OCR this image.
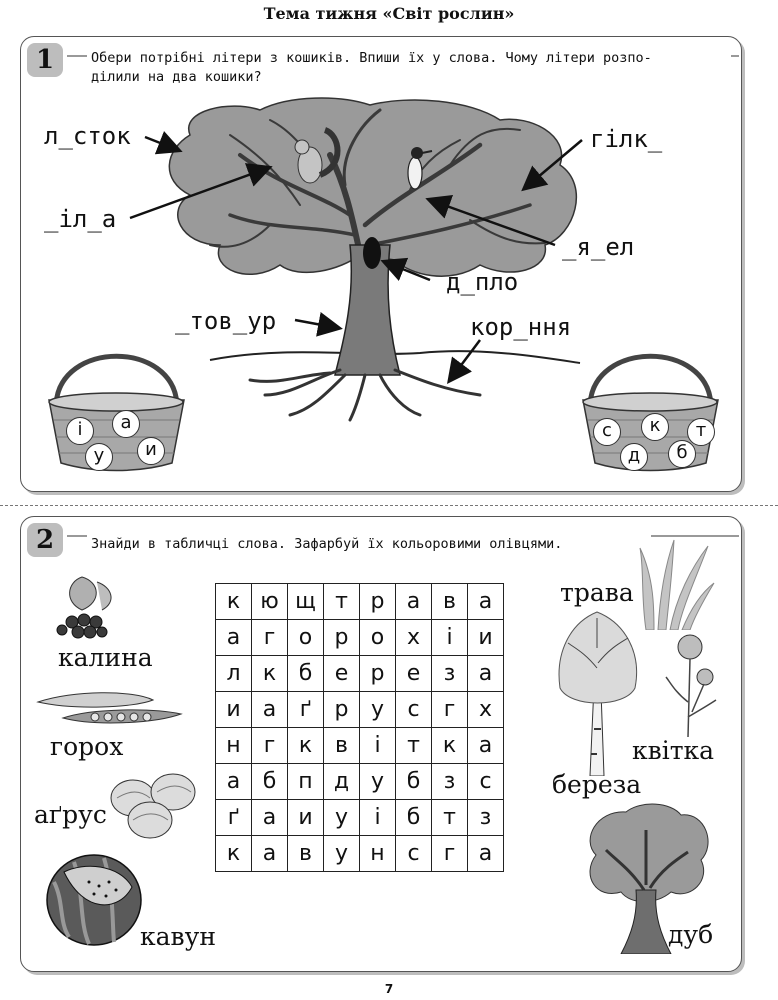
Тема тижня «Світ рослин»
1	Обери потрібні літери з кошиків. Впиши їх у слова. Чому літери розпо-
ділили на два кошики?
л_сток
_іл_а
_тов_ур
гілк_
_я_ел
д_пло
кор_ння
і	а
у	и
с	к	т
д	б
2	Знайди в табличці слова. Зафарбуй їх кольоровими олівцями.
к	ю	щ	т	р	а	в	а
а	г	о	р	о	х	і	и
л	к	б	е	р	е	з	а
и	а	ґ	р	у	с	г	х
н	г	к	в	і	т	к	а
а	б	п	д	у	б	з	с
ґ	а	и	у	і	б	т	з
к	а	в	у	н	с	г	а
калина
горох
аґрус
кавун
трава
береза
квітка
дуб
7
